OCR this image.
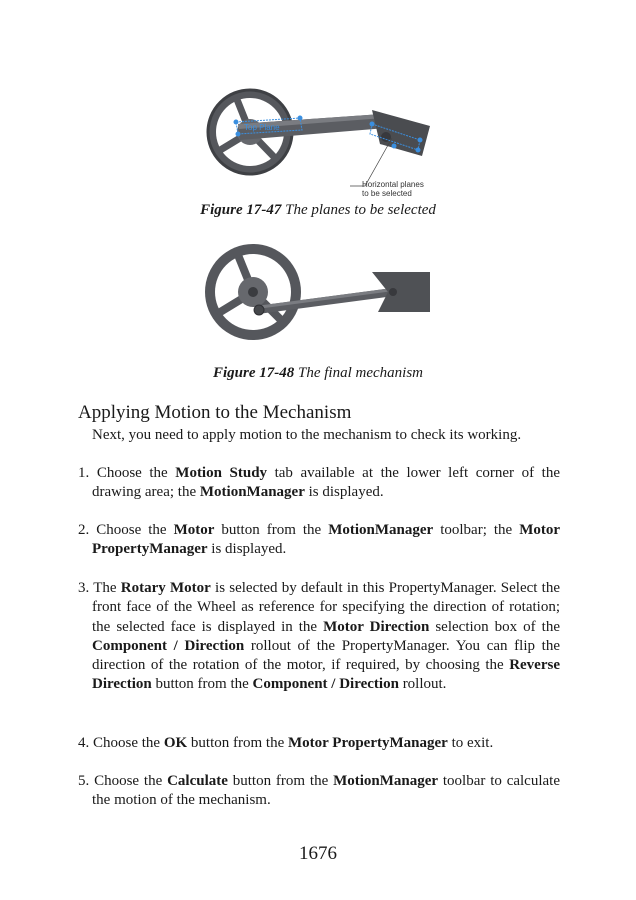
Top Plane
Horizontal planes
to be selected
Figure 17-47 The planes to be selected
Figure 17-48 The final mechanism
Applying Motion to the Mechanism
Next, you need to apply motion to the mechanism to check its working.
1. Choose the Motion Study tab available at the lower left corner of the drawing area; the MotionManager is displayed.
2. Choose the Motor button from the MotionManager toolbar; the Motor PropertyManager is displayed.
3. The Rotary Motor is selected by default in this PropertyManager. Select the front face of the Wheel as reference for specifying the direction of rotation; the selected face is displayed in the Motor Direction selection box of the Component / Direction rollout of the PropertyManager. You can flip the direction of the rotation of the motor, if required, by choosing the Reverse Direction button from the Component / Direction rollout.
4. Choose the OK button from the Motor PropertyManager to exit.
5. Choose the Calculate button from the MotionManager toolbar to calculate the motion of the mechanism.
1676
